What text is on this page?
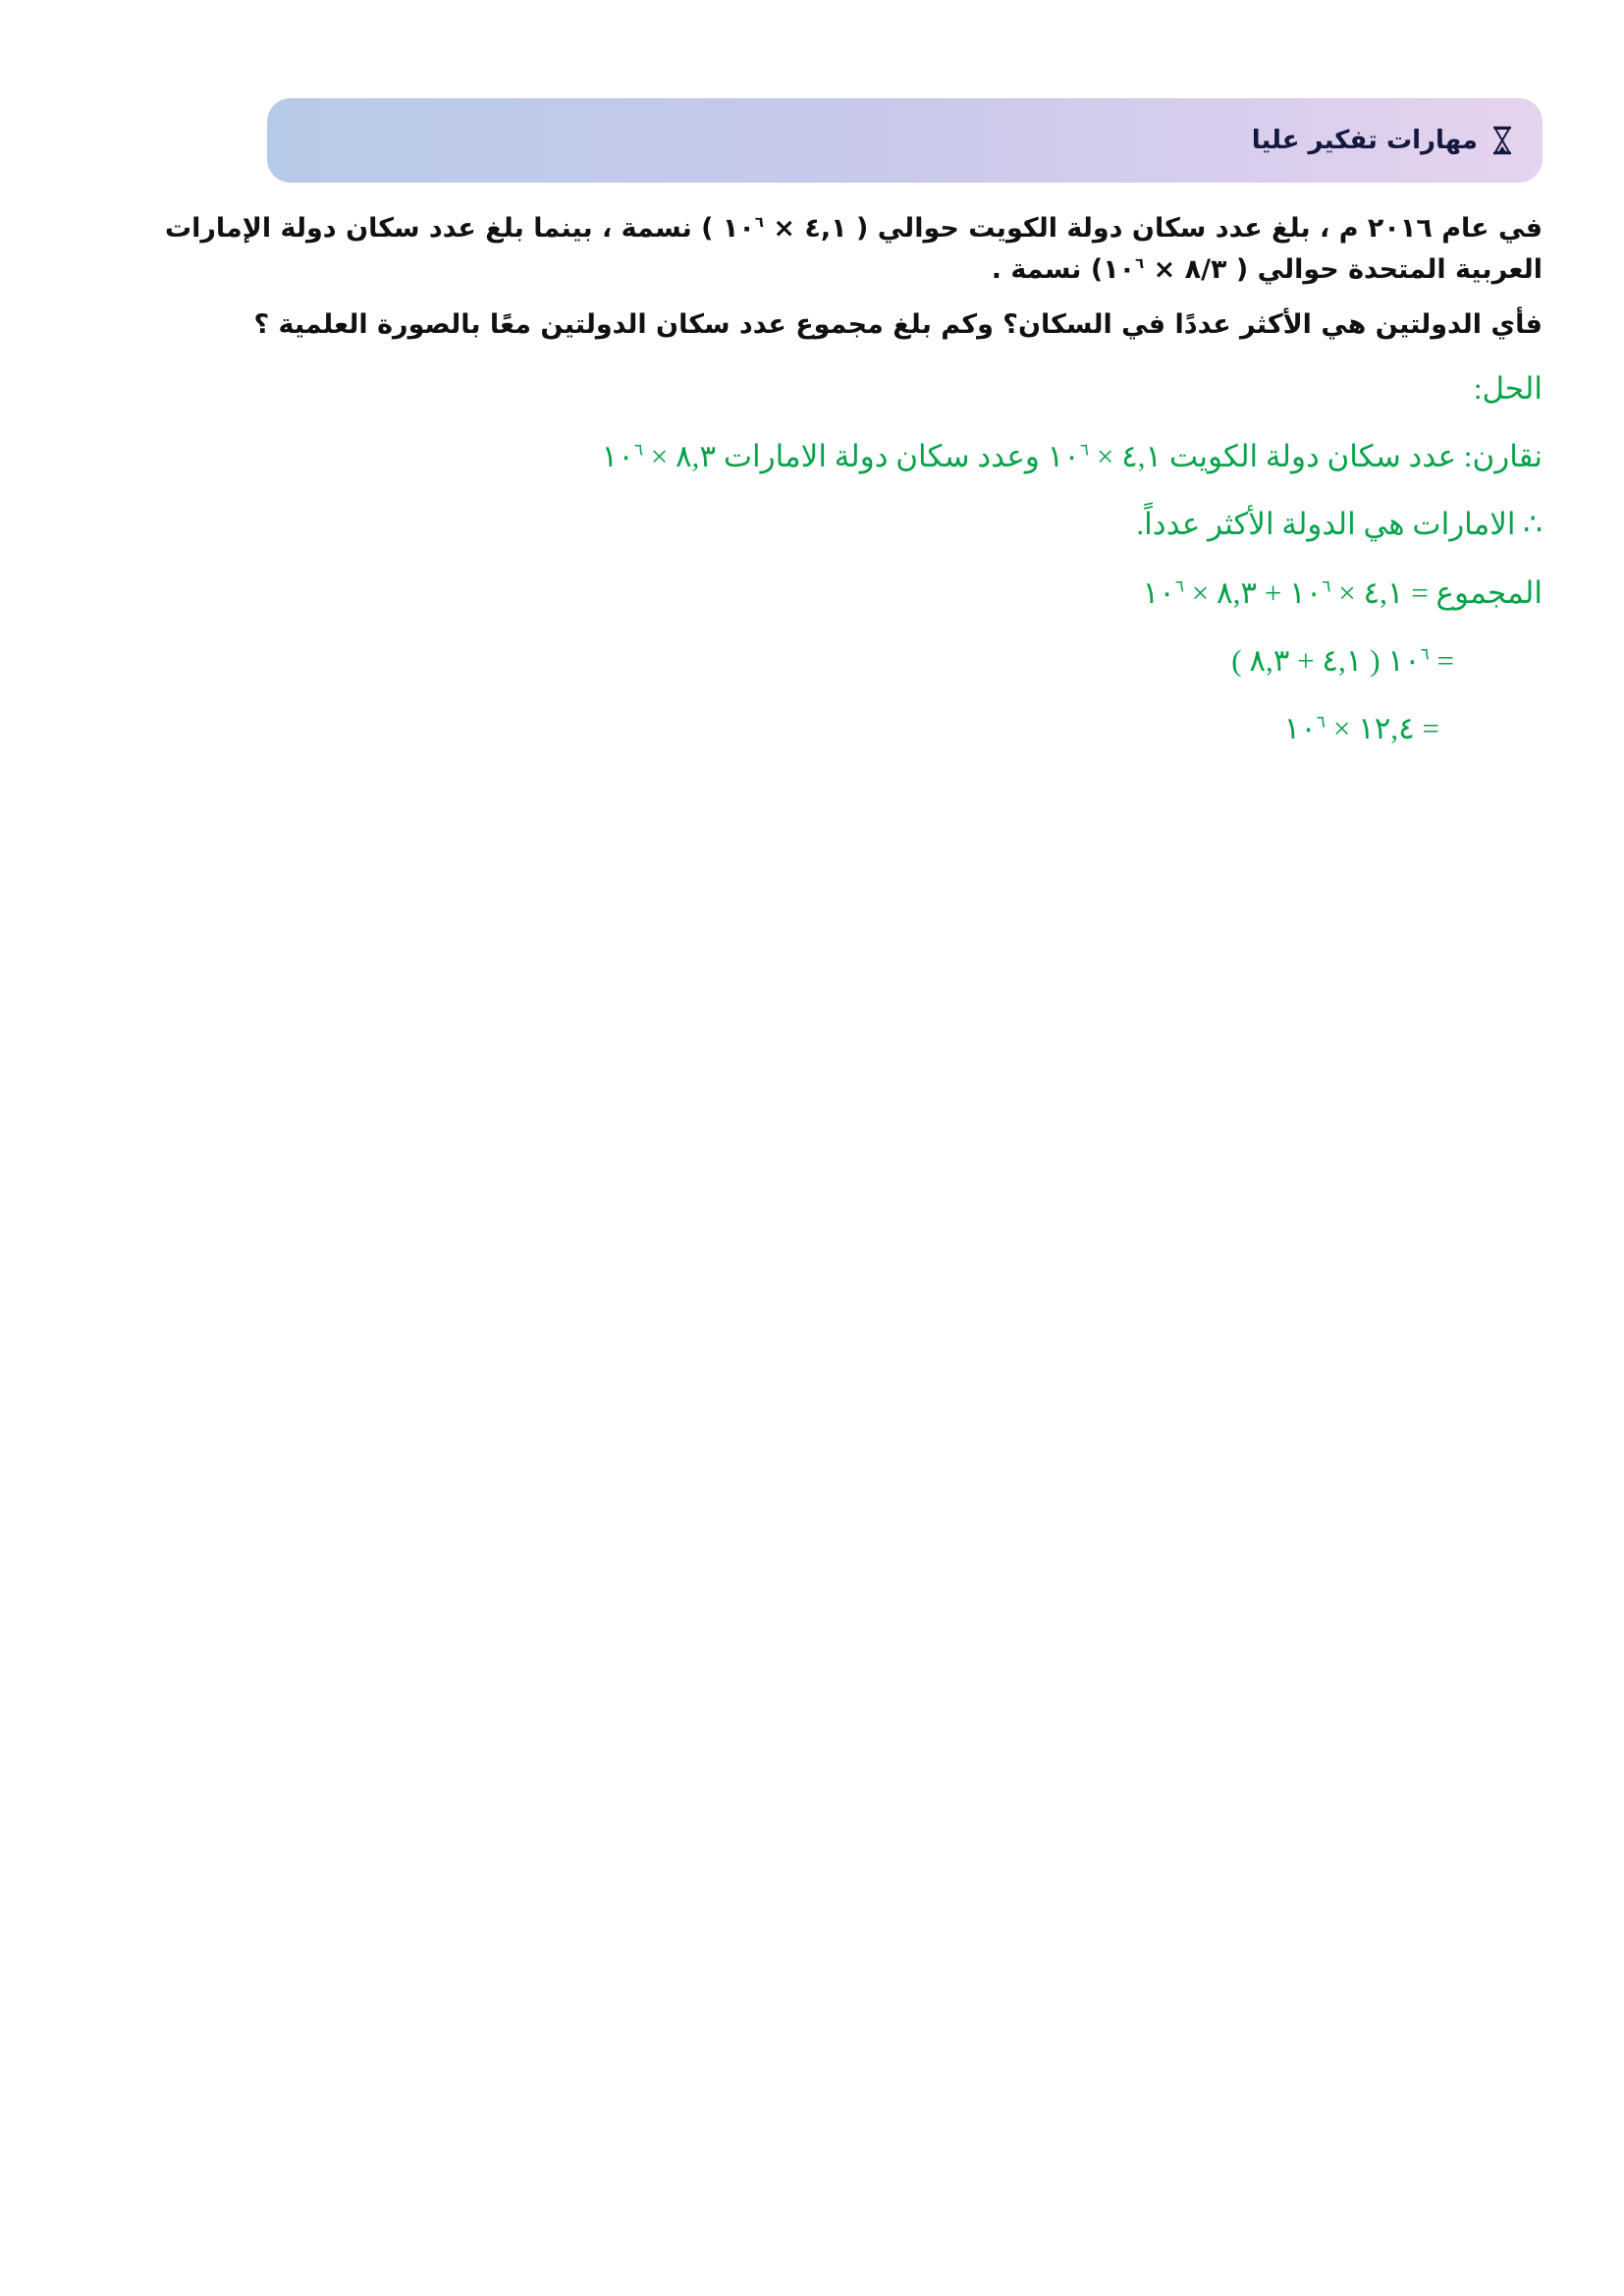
مهارات تفكير عليا

في عام ٢٠١٦ م ، بلغ عدد سكان دولة الكويت حوالي ( ٤,١ × $١٠^٦$ ) نسمة ، بينما بلغ عدد سكان دولة الإمارات العربية المتحدة حوالي ( ٨/٣ × $١٠^٦$) نسمة .

فأي الدولتين هي الأكثر عددًا في السكان؟ وكم بلغ مجموع عدد سكان الدولتين معًا بالصورة العلمية ؟

الحل:

نقارن: عدد سكان دولة الكويت ٤,١ × $١٠^٦$ وعدد سكان دولة الامارات ٨,٣ × $١٠^٦$

∴ الامارات هي الدولة الأكثر عدداً.

المجموع = ٤,١ × $١٠^٦$ + ٨,٣ × $١٠^٦$

= $١٠^٦$ ( ٤,١ + ٨,٣ )

= ١٢,٤ × $١٠^٦$
